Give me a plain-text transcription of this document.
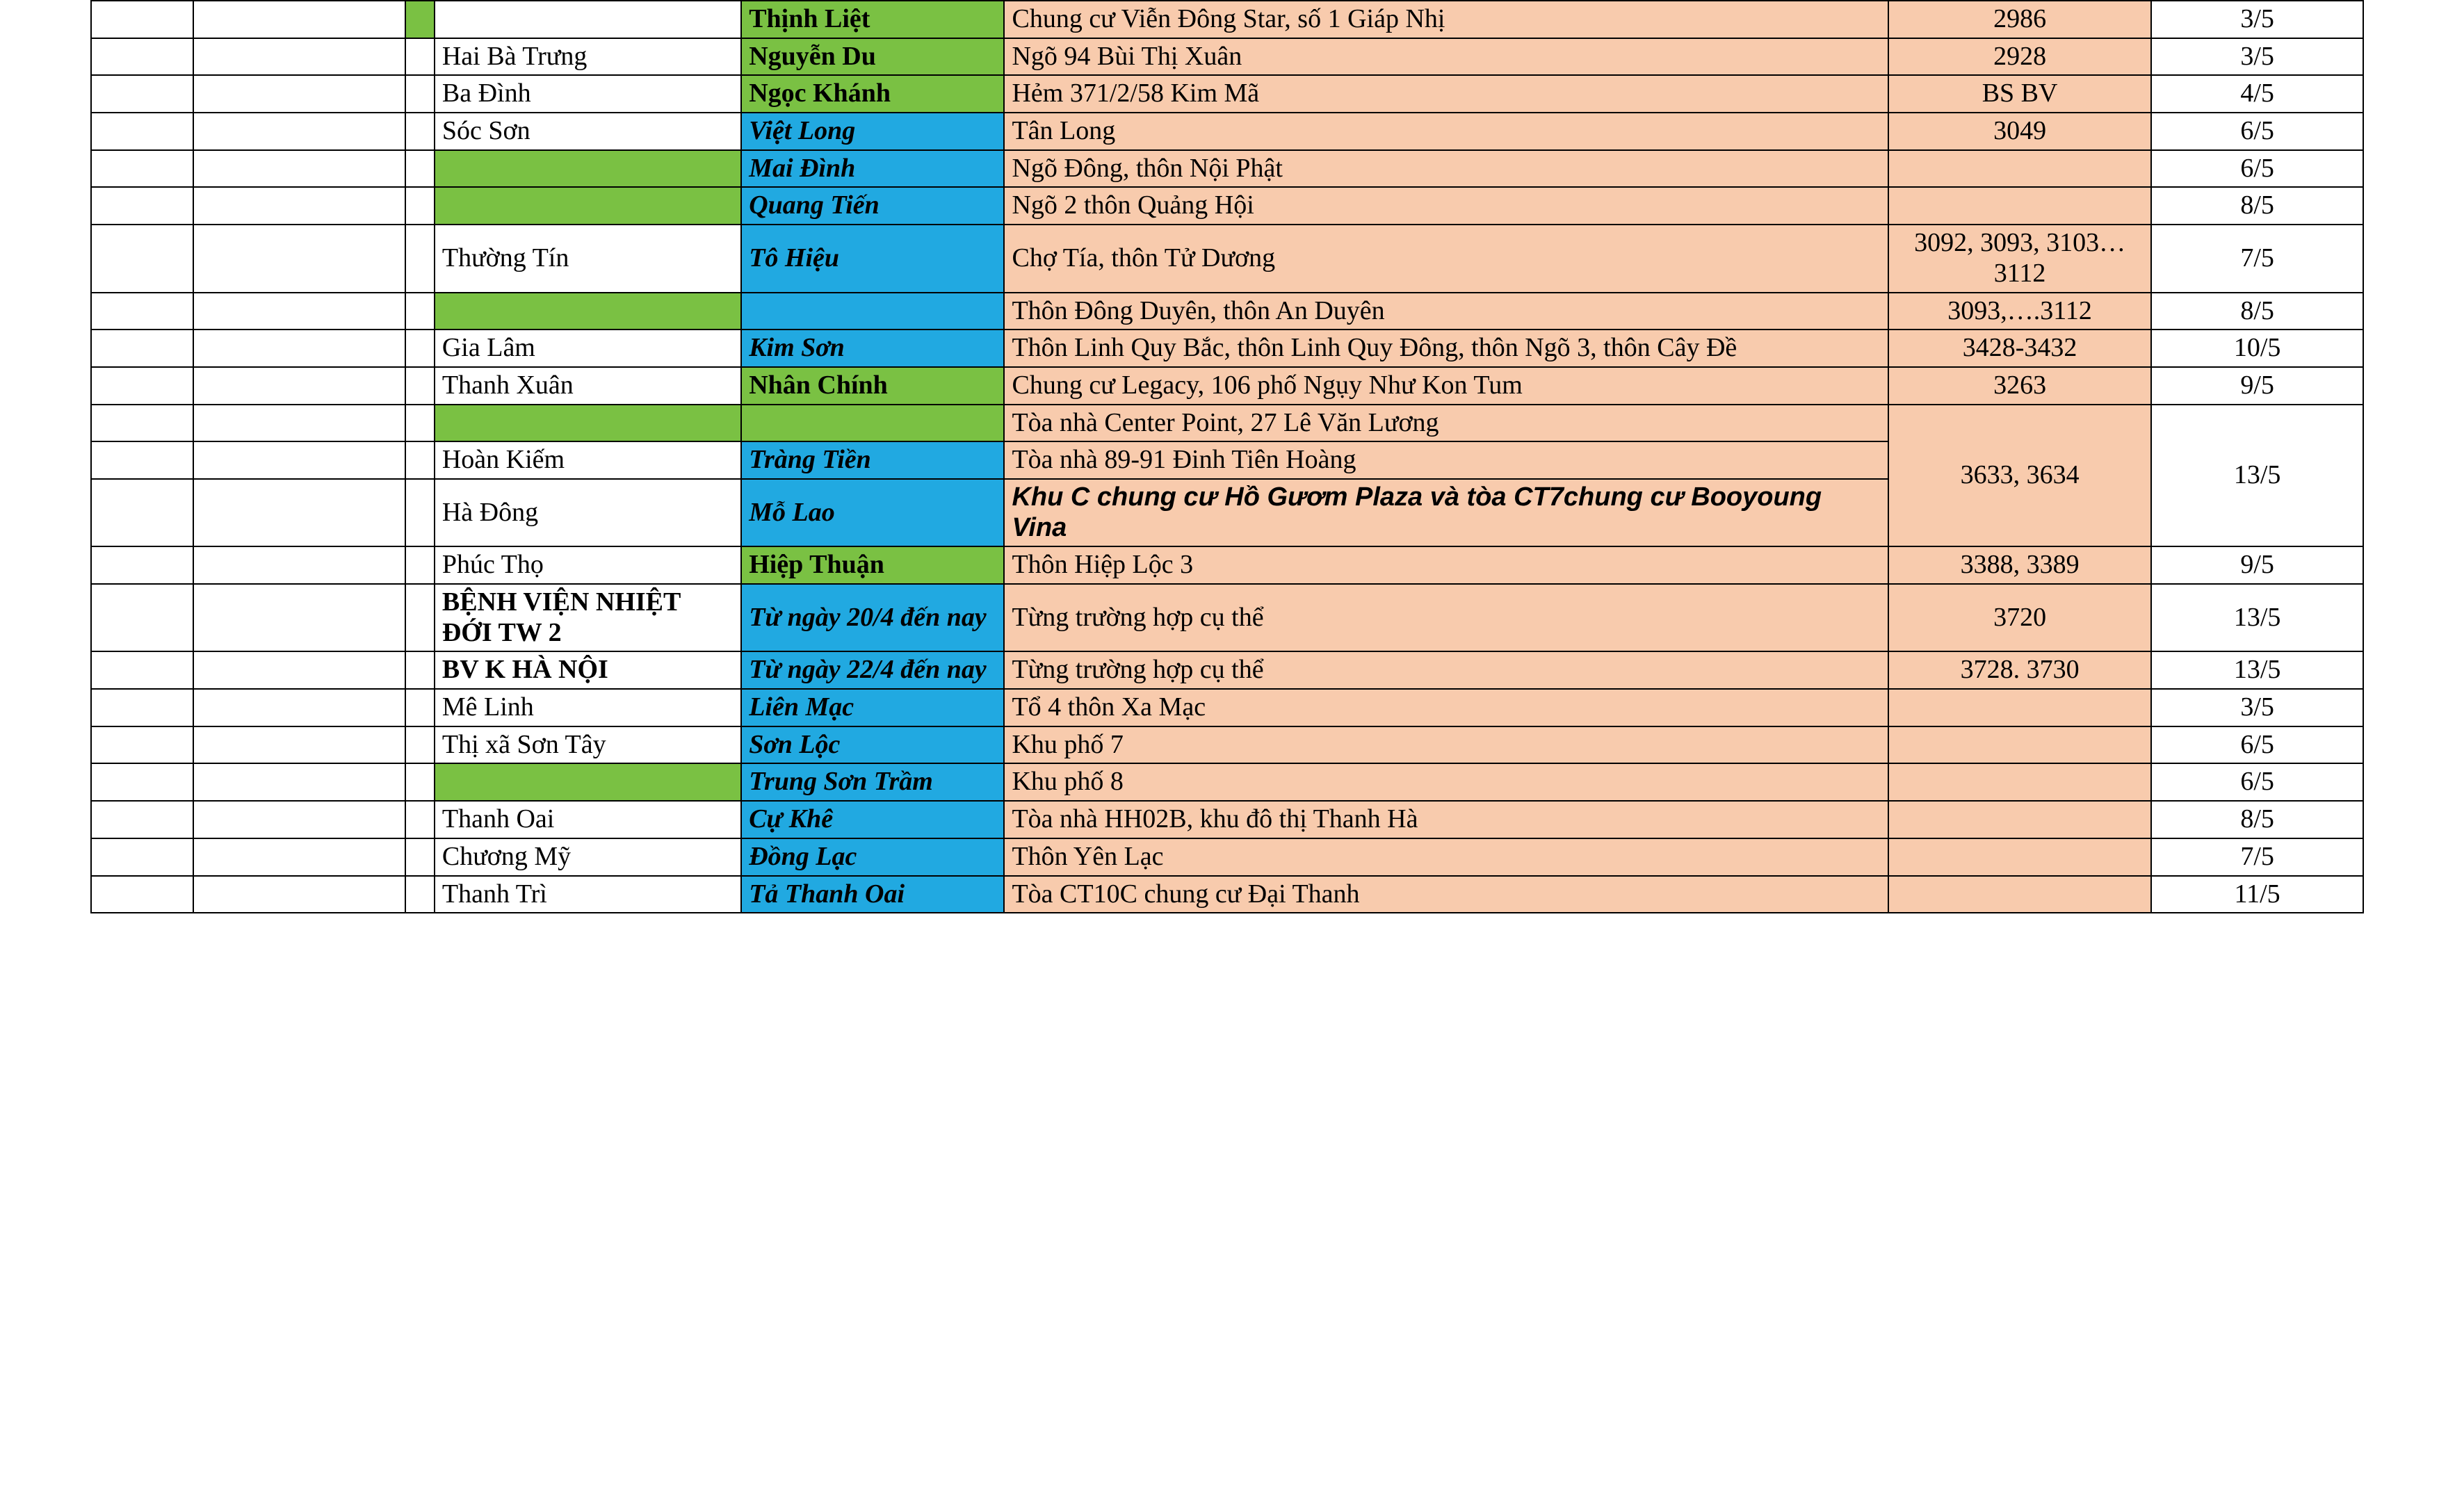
				Thịnh Liệt	Chung cư Viễn Đông Star, số 1 Giáp Nhị	2986	3/5
			Hai Bà Trưng	Nguyễn Du	Ngõ 94 Bùi Thị Xuân	2928	3/5
			Ba Đình	Ngọc Khánh	Hẻm 371/2/58 Kim Mã	BS BV	4/5
			Sóc Sơn	Việt Long	Tân Long	3049	6/5
				Mai Đình	Ngõ Đông, thôn Nội Phật		6/5
				Quang Tiến	Ngõ 2 thôn Quảng Hội		8/5
			Thường Tín	Tô Hiệu	Chợ Tía, thôn Tử Dương	3092, 3093, 3103…3112	7/5
					Thôn Đông Duyên, thôn An Duyên	3093,….3112	8/5
			Gia Lâm	Kim Sơn	Thôn Linh Quy Bắc, thôn Linh Quy Đông, thôn Ngõ 3, thôn Cây Đề	3428-3432	10/5
			Thanh Xuân	Nhân Chính	Chung cư Legacy, 106 phố Ngụy Như Kon Tum	3263	9/5
					Tòa nhà Center Point, 27 Lê Văn Lương	3633, 3634	13/5
			Hoàn Kiếm	Tràng Tiền	Tòa nhà 89-91 Đinh Tiên Hoàng		
			Hà Đông	Mỗ Lao	Khu C chung cư Hồ Gươm Plaza và tòa CT7chung cư Booyoung Vina		
			Phúc Thọ	Hiệp Thuận	Thôn Hiệp Lộc 3	3388, 3389	9/5
			BỆNH VIỆN NHIỆT ĐỚI TW 2	Từ ngày 20/4 đến nay	Từng trường hợp cụ thể	3720	13/5
			BV K HÀ NỘI	Từ ngày 22/4 đến nay	Từng trường hợp cụ thể	3728. 3730	13/5
			Mê Linh	Liên Mạc	Tổ 4 thôn Xa Mạc		3/5
			Thị xã Sơn Tây	Sơn Lộc	Khu phố 7		6/5
				Trung Sơn Trầm	Khu phố 8		6/5
			Thanh Oai	Cự Khê	Tòa nhà HH02B, khu đô thị Thanh Hà		8/5
			Chương Mỹ	Đồng Lạc	Thôn Yên Lạc		7/5
			Thanh Trì	Tả Thanh Oai	Tòa CT10C chung cư Đại Thanh		11/5
